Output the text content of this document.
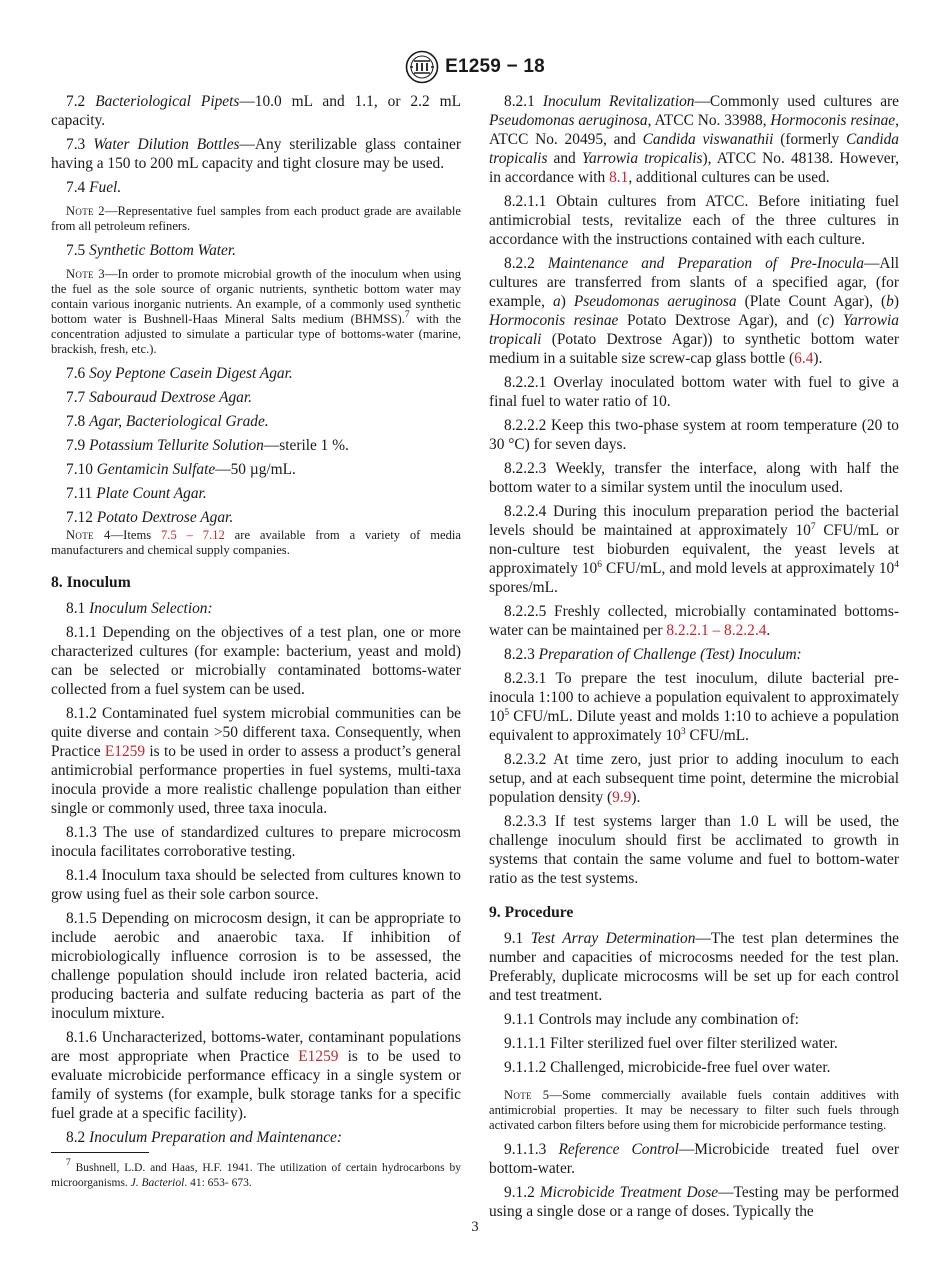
E1259 − 18

7.2 Bacteriological Pipets—10.0 mL and 1.1, or 2.2 mL capacity.

7.3 Water Dilution Bottles—Any sterilizable glass container having a 150 to 200 mL capacity and tight closure may be used.

7.4 Fuel.

Note 2—Representative fuel samples from each product grade are available from all petroleum refiners.

7.5 Synthetic Bottom Water.

Note 3—In order to promote microbial growth of the inoculum when using the fuel as the sole source of organic nutrients, synthetic bottom water may contain various inorganic nutrients. An example, of a commonly used synthetic bottom water is Bushnell-Haas Mineral Salts medium (BHMSS).$^7$ with the concentration adjusted to simulate a particular type of bottoms-water (marine, brackish, fresh, etc.).

7.6 Soy Peptone Casein Digest Agar.

7.7 Sabouraud Dextrose Agar.

7.8 Agar, Bacteriological Grade.

7.9 Potassium Tellurite Solution—sterile 1 %.

7.10 Gentamicin Sulfate—50 µg/mL.

7.11 Plate Count Agar.

7.12 Potato Dextrose Agar.

Note 4—Items 7.5 – 7.12 are available from a variety of media manufacturers and chemical supply companies.

8. Inoculum

8.1 Inoculum Selection:

8.1.1 Depending on the objectives of a test plan, one or more characterized cultures (for example: bacterium, yeast and mold) can be selected or microbially contaminated bottoms-water collected from a fuel system can be used.

8.1.2 Contaminated fuel system microbial communities can be quite diverse and contain >50 different taxa. Consequently, when Practice E1259 is to be used in order to assess a product’s general antimicrobial performance properties in fuel systems, multi-taxa inocula provide a more realistic challenge population than either single or commonly used, three taxa inocula.

8.1.3 The use of standardized cultures to prepare microcosm inocula facilitates corroborative testing.

8.1.4 Inoculum taxa should be selected from cultures known to grow using fuel as their sole carbon source.

8.1.5 Depending on microcosm design, it can be appropriate to include aerobic and anaerobic taxa. If inhibition of microbiologically influence corrosion is to be assessed, the challenge population should include iron related bacteria, acid producing bacteria and sulfate reducing bacteria as part of the inoculum mixture.

8.1.6 Uncharacterized, bottoms-water, contaminant populations are most appropriate when Practice E1259 is to be used to evaluate microbicide performance efficacy in a single system or family of systems (for example, bulk storage tanks for a specific fuel grade at a specific facility).

8.2 Inoculum Preparation and Maintenance:

8.2.1 Inoculum Revitalization—Commonly used cultures are Pseudomonas aeruginosa, ATCC No. 33988, Hormoconis resinae, ATCC No. 20495, and Candida viswanathii (formerly Candida tropicalis and Yarrowia tropicalis), ATCC No. 48138. However, in accordance with 8.1, additional cultures can be used.

8.2.1.1 Obtain cultures from ATCC. Before initiating fuel antimicrobial tests, revitalize each of the three cultures in accordance with the instructions contained with each culture.

8.2.2 Maintenance and Preparation of Pre-Inocula—All cultures are transferred from slants of a specified agar, (for example, a) Pseudomonas aeruginosa (Plate Count Agar), (b) Hormoconis resinae Potato Dextrose Agar), and (c) Yarrowia tropicali (Potato Dextrose Agar)) to synthetic bottom water medium in a suitable size screw-cap glass bottle (6.4).

8.2.2.1 Overlay inoculated bottom water with fuel to give a final fuel to water ratio of 10.

8.2.2.2 Keep this two-phase system at room temperature (20 to 30 °C) for seven days.

8.2.2.3 Weekly, transfer the interface, along with half the bottom water to a similar system until the inoculum used.

8.2.2.4 During this inoculum preparation period the bacterial levels should be maintained at approximately $10^7$ CFU/mL or non-culture test bioburden equivalent, the yeast levels at approximately $10^6$ CFU/mL, and mold levels at approximately $10^4$ spores/mL.

8.2.2.5 Freshly collected, microbially contaminated bottoms-water can be maintained per 8.2.2.1 – 8.2.2.4.

8.2.3 Preparation of Challenge (Test) Inoculum:

8.2.3.1 To prepare the test inoculum, dilute bacterial pre-inocula 1:100 to achieve a population equivalent to approximately $10^5$ CFU/mL. Dilute yeast and molds 1:10 to achieve a population equivalent to approximately $10^3$ CFU/mL.

8.2.3.2 At time zero, just prior to adding inoculum to each setup, and at each subsequent time point, determine the microbial population density (9.9).

8.2.3.3 If test systems larger than 1.0 L will be used, the challenge inoculum should first be acclimated to growth in systems that contain the same volume and fuel to bottom-water ratio as the test systems.

9. Procedure

9.1 Test Array Determination—The test plan determines the number and capacities of microcosms needed for the test plan. Preferably, duplicate microcosms will be set up for each control and test treatment.

9.1.1 Controls may include any combination of:

9.1.1.1 Filter sterilized fuel over filter sterilized water.

9.1.1.2 Challenged, microbicide-free fuel over water.

Note 5—Some commercially available fuels contain additives with antimicrobial properties. It may be necessary to filter such fuels through activated carbon filters before using them for microbicide performance testing.

9.1.1.3 Reference Control—Microbicide treated fuel over bottom-water.

9.1.2 Microbicide Treatment Dose—Testing may be performed using a single dose or a range of doses. Typically the

$^7$ Bushnell, L.D. and Haas, H.F. 1941. The utilization of certain hydrocarbons by microorganisms. J. Bacteriol. 41: 653- 673.
3
